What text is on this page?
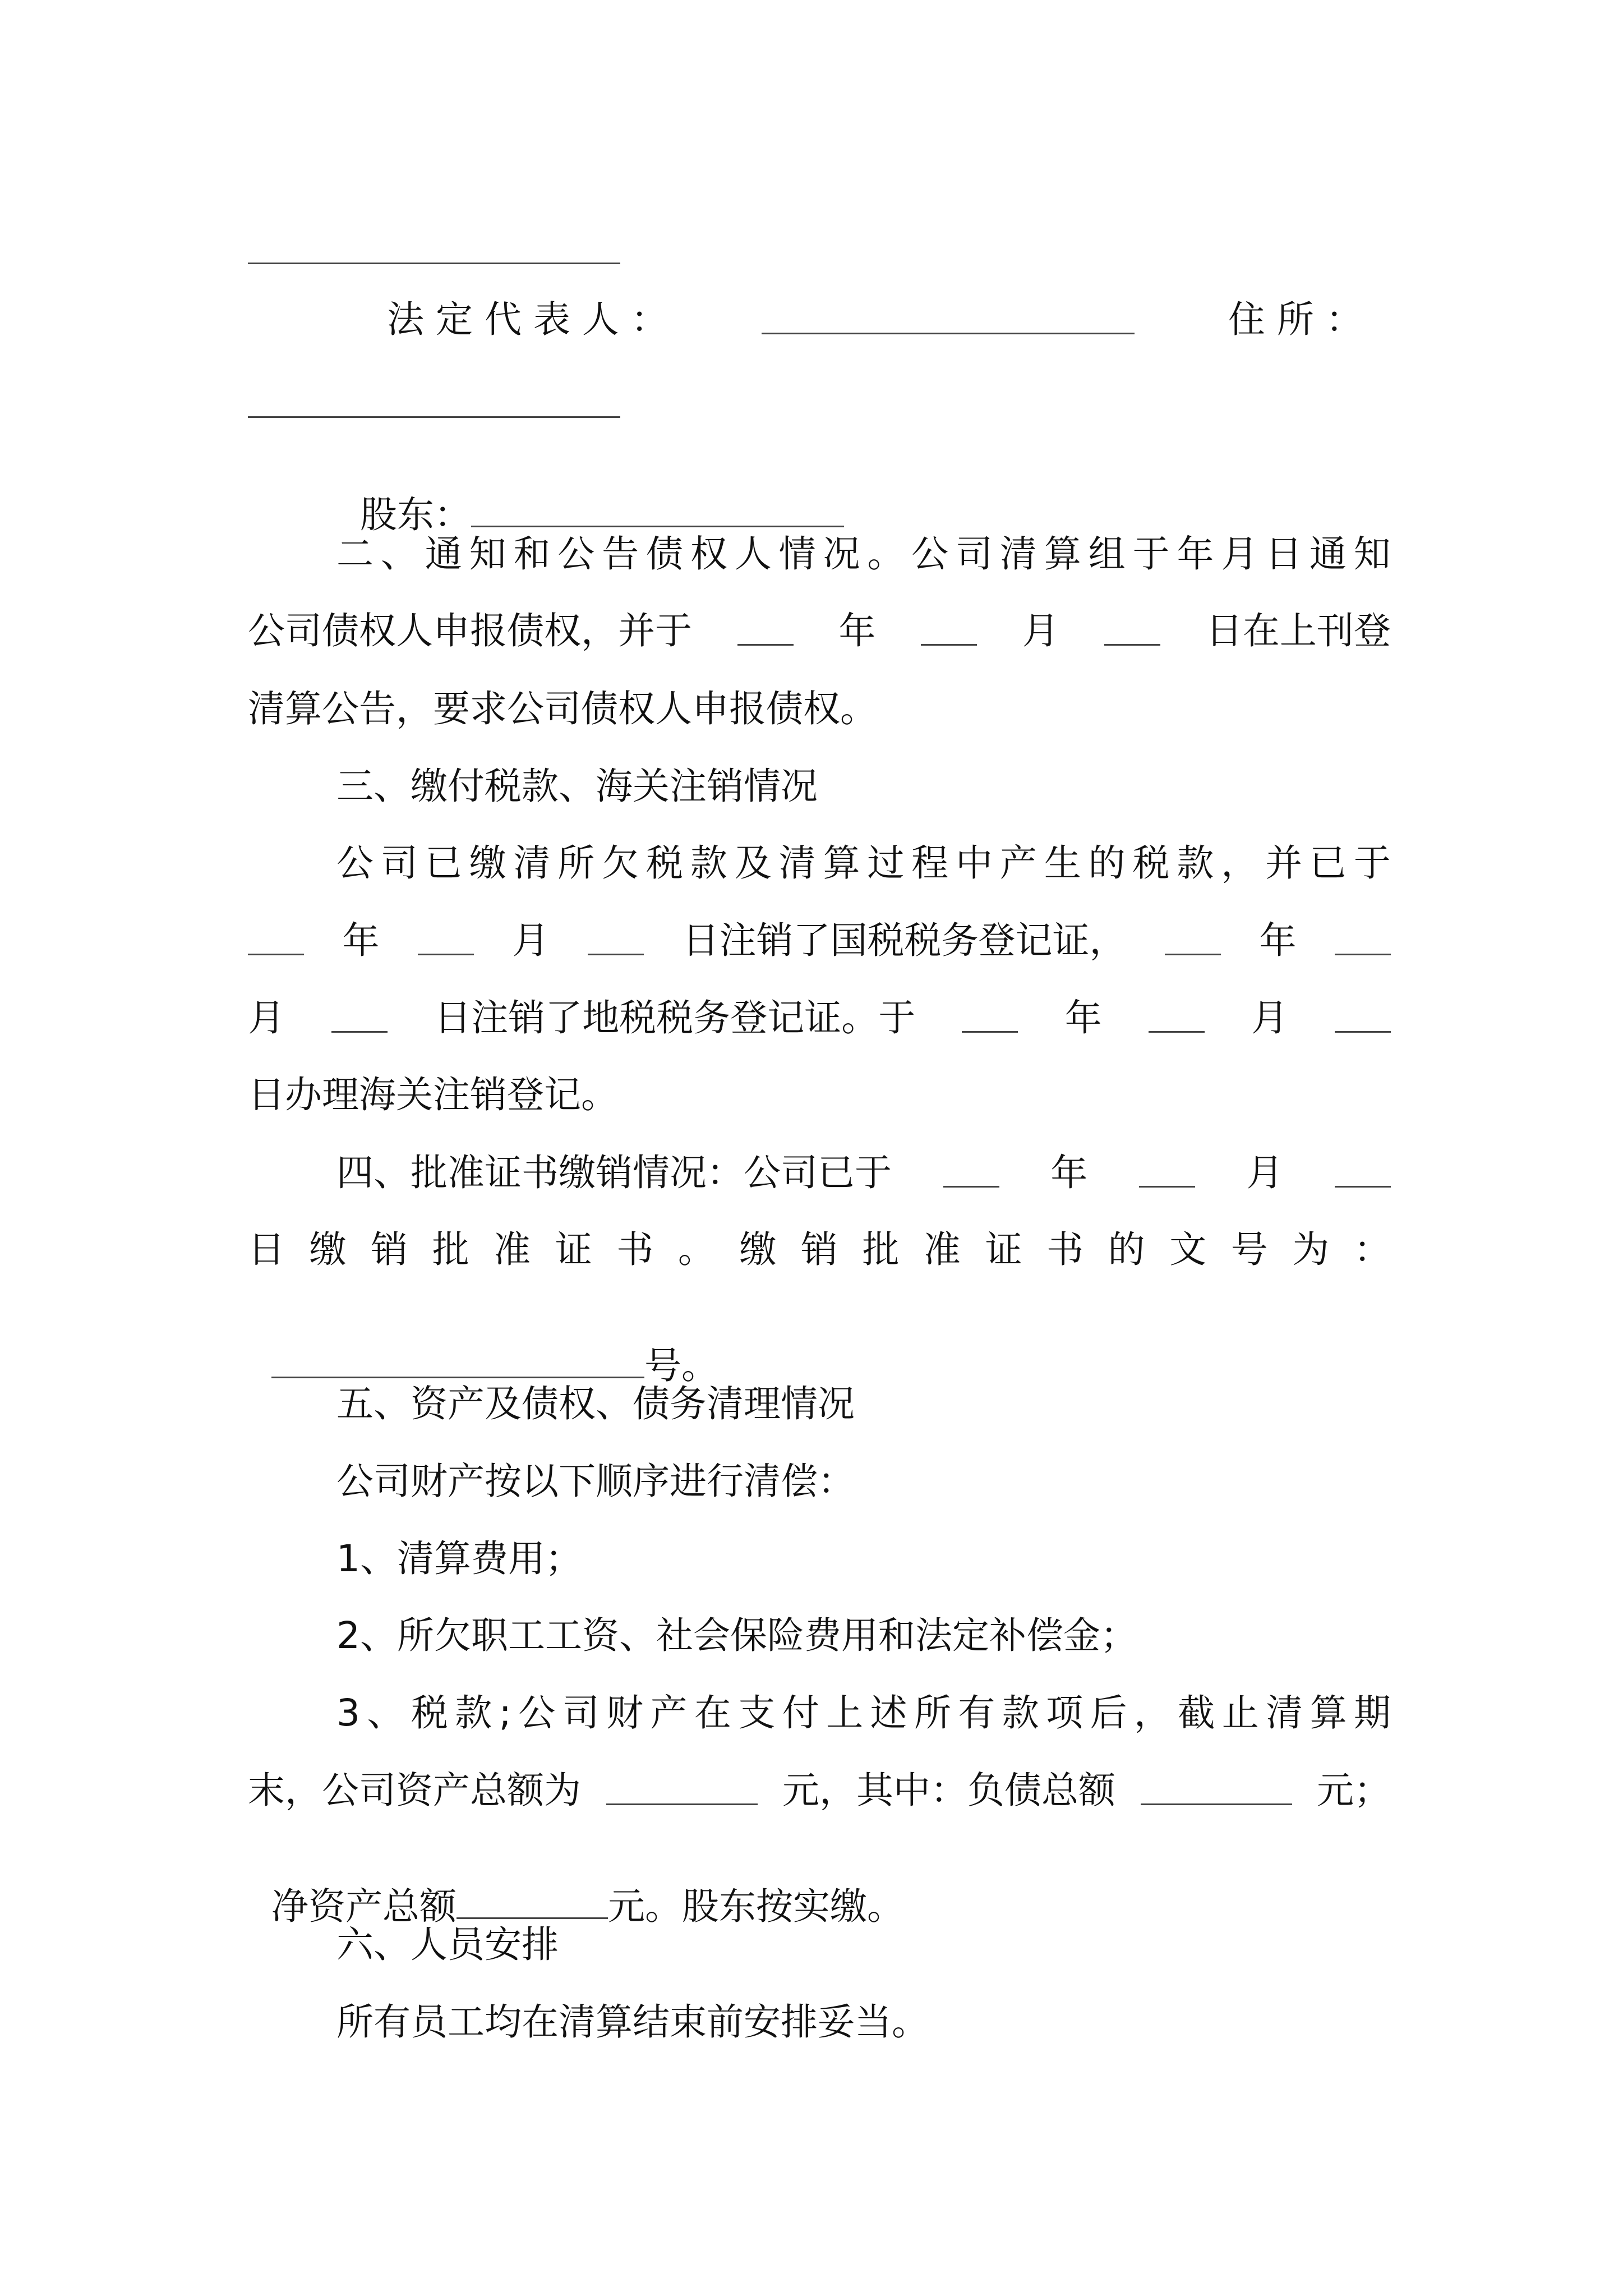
法 定 代 表 人 ：	住 所 ：

股东：

二 、 通 知 和 公 告 债 权 人 情 况 。 公 司 清 算 组 于 年 月 日 通 知
公司债权人申报债权，并于	年	月	日在上刊登
清算公告，要求公司债权人申报债权。
三、缴付税款、海关注销情况
公 司 已 缴 清 所 欠 税 款 及 清 算 过 程 中 产 生 的 税 款 ， 并 已 于
年	月	日注销了国税税务登记证，	年
月	日注销了地税税务登记证。于	年	月
日办理海关注销登记。
四、批准证书缴销情况：公司已于	年	月
日 缴 销 批 准 证 书 。 缴 销 批 准 证 书 的 文 号 为 ：

号。

五、资产及债权、债务清理情况
公司财产按以下顺序进行清偿：
1、清算费用；
2、所欠职工工资、社会保险费用和法定补偿金；
3 、 税 款 ; 公 司 财 产 在 支 付 上 述 所 有 款 项 后 ， 截 止 清 算 期
末，公司资产总额为	元，其中：负债总额	元；

净资产总额	元。股东按实缴。

六、人员安排
所有员工均在清算结束前安排妥当。
